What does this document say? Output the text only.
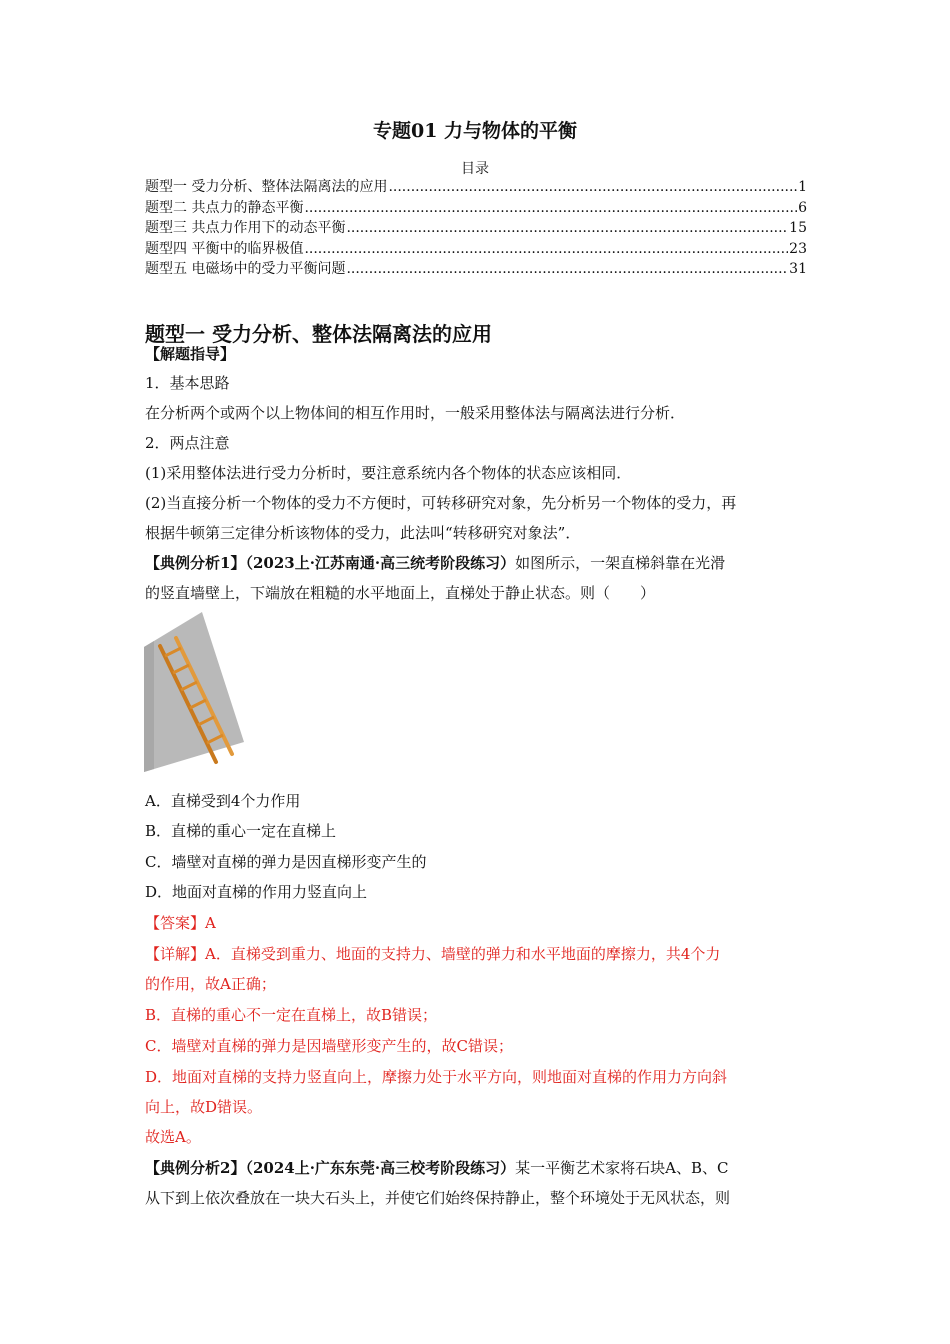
专题01 力与物体的平衡
目录
题型一 受力分析、整体法隔离法的应用 .....	1
题型二 共点力的静态平衡 .....	6
题型三 共点力作用下的动态平衡 .....	15
题型四 平衡中的临界极值 .....	23
题型五 电磁场中的受力平衡问题 .....	31
题型一 受力分析、整体法隔离法的应用
【解题指导】
1．基本思路
在分析两个或两个以上物体间的相互作用时，一般采用整体法与隔离法进行分析．
2．两点注意
(1)采用整体法进行受力分析时，要注意系统内各个物体的状态应该相同．
(2)当直接分析一个物体的受力不方便时，可转移研究对象，先分析另一个物体的受力，再
根据牛顿第三定律分析该物体的受力，此法叫“转移研究对象法”．
【典例分析1】（2023上·江苏南通·高三统考阶段练习）如图所示，一架直梯斜靠在光滑
的竖直墙壁上，下端放在粗糙的水平地面上，直梯处于静止状态。则（　　）
A．直梯受到4个力作用
B．直梯的重心一定在直梯上
C．墙壁对直梯的弹力是因直梯形变产生的
D．地面对直梯的作用力竖直向上
【答案】A
【详解】A．直梯受到重力、地面的支持力、墙壁的弹力和水平地面的摩擦力，共4个力
的作用，故A正确；
B．直梯的重心不一定在直梯上，故B错误；
C．墙壁对直梯的弹力是因墙壁形变产生的，故C错误；
D．地面对直梯的支持力竖直向上，摩擦力处于水平方向，则地面对直梯的作用力方向斜
向上，故D错误。
故选A。
【典例分析2】（2024上·广东东莞·高三校考阶段练习）某一平衡艺术家将石块A、B、C
从下到上依次叠放在一块大石头上，并使它们始终保持静止，整个环境处于无风状态，则
